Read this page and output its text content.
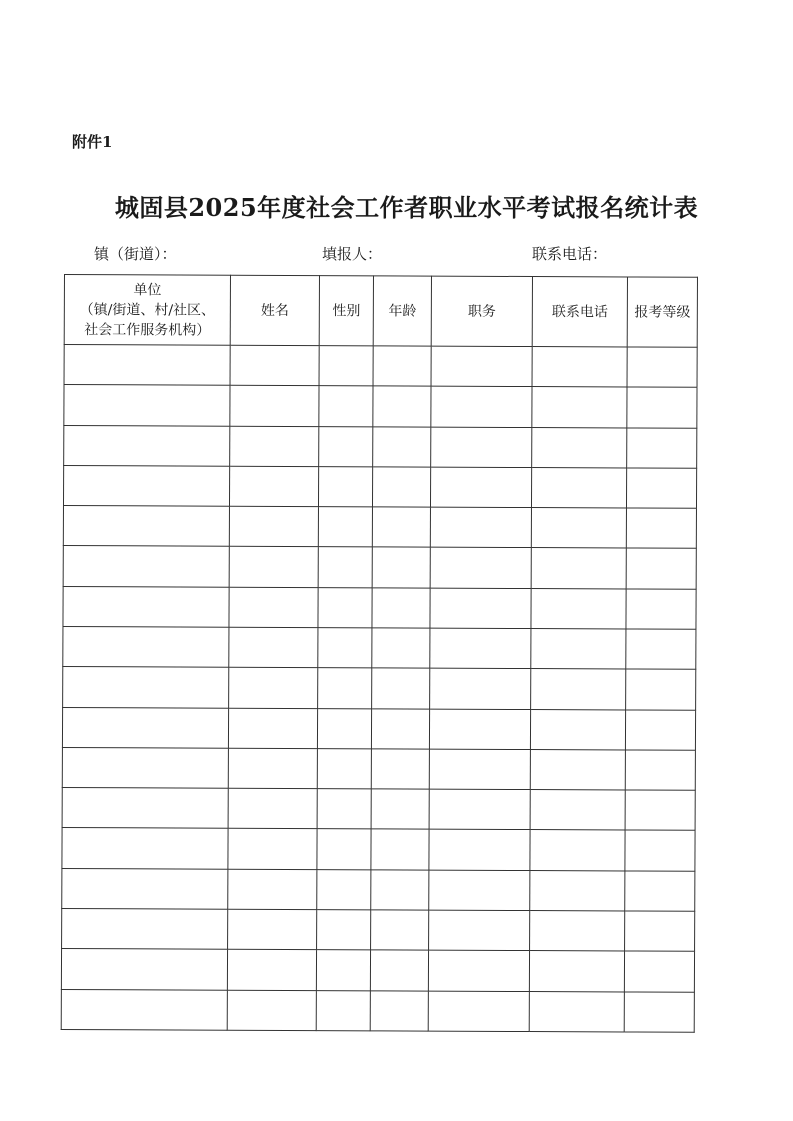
附件1
城固县2025年度社会工作者职业水平考试报名统计表
镇（街道）：	填报人：	联系电话：
单位
（镇/街道、村/社区、
社会工作服务机构）	姓名	性别	年龄	职务	联系电话	报考等级
